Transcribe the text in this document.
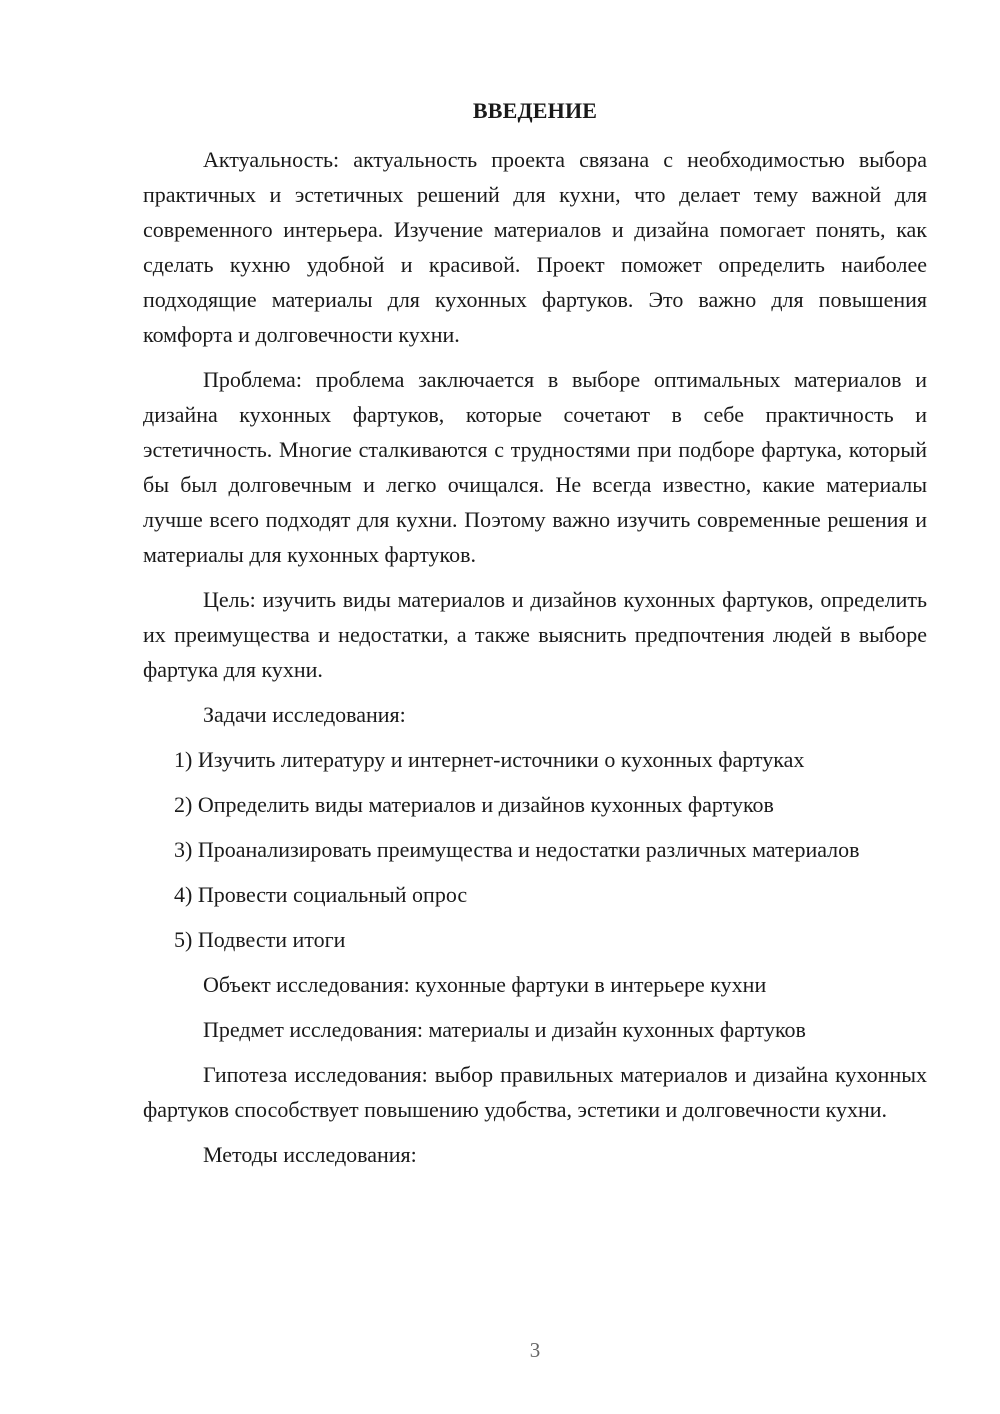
ВВЕДЕНИЕ

Актуальность: актуальность проекта связана с необходимостью выбора практичных и эстетичных решений для кухни, что делает тему важной для современного интерьера. Изучение материалов и дизайна помогает понять, как сделать кухню удобной и красивой. Проект поможет определить наиболее подходящие материалы для кухонных фартуков. Это важно для повышения комфорта и долговечности кухни.

Проблема: проблема заключается в выборе оптимальных материалов и дизайна кухонных фартуков, которые сочетают в себе практичность и эстетичность. Многие сталкиваются с трудностями при подборе фартука, который бы был долговечным и легко очищался. Не всегда известно, какие материалы лучше всего подходят для кухни. Поэтому важно изучить современные решения и материалы для кухонных фартуков.

Цель: изучить виды материалов и дизайнов кухонных фартуков, определить их преимущества и недостатки, а также выяснить предпочтения людей в выборе фартука для кухни.

Задачи исследования:

1) Изучить литературу и интернет-источники о кухонных фартуках

2) Определить виды материалов и дизайнов кухонных фартуков

3) Проанализировать преимущества и недостатки различных материалов

4) Провести социальный опрос

5) Подвести итоги

Объект исследования: кухонные фартуки в интерьере кухни

Предмет исследования: материалы и дизайн кухонных фартуков

Гипотеза исследования: выбор правильных материалов и дизайна кухонных фартуков способствует повышению удобства, эстетики и долговечности кухни.

Методы исследования:

3
